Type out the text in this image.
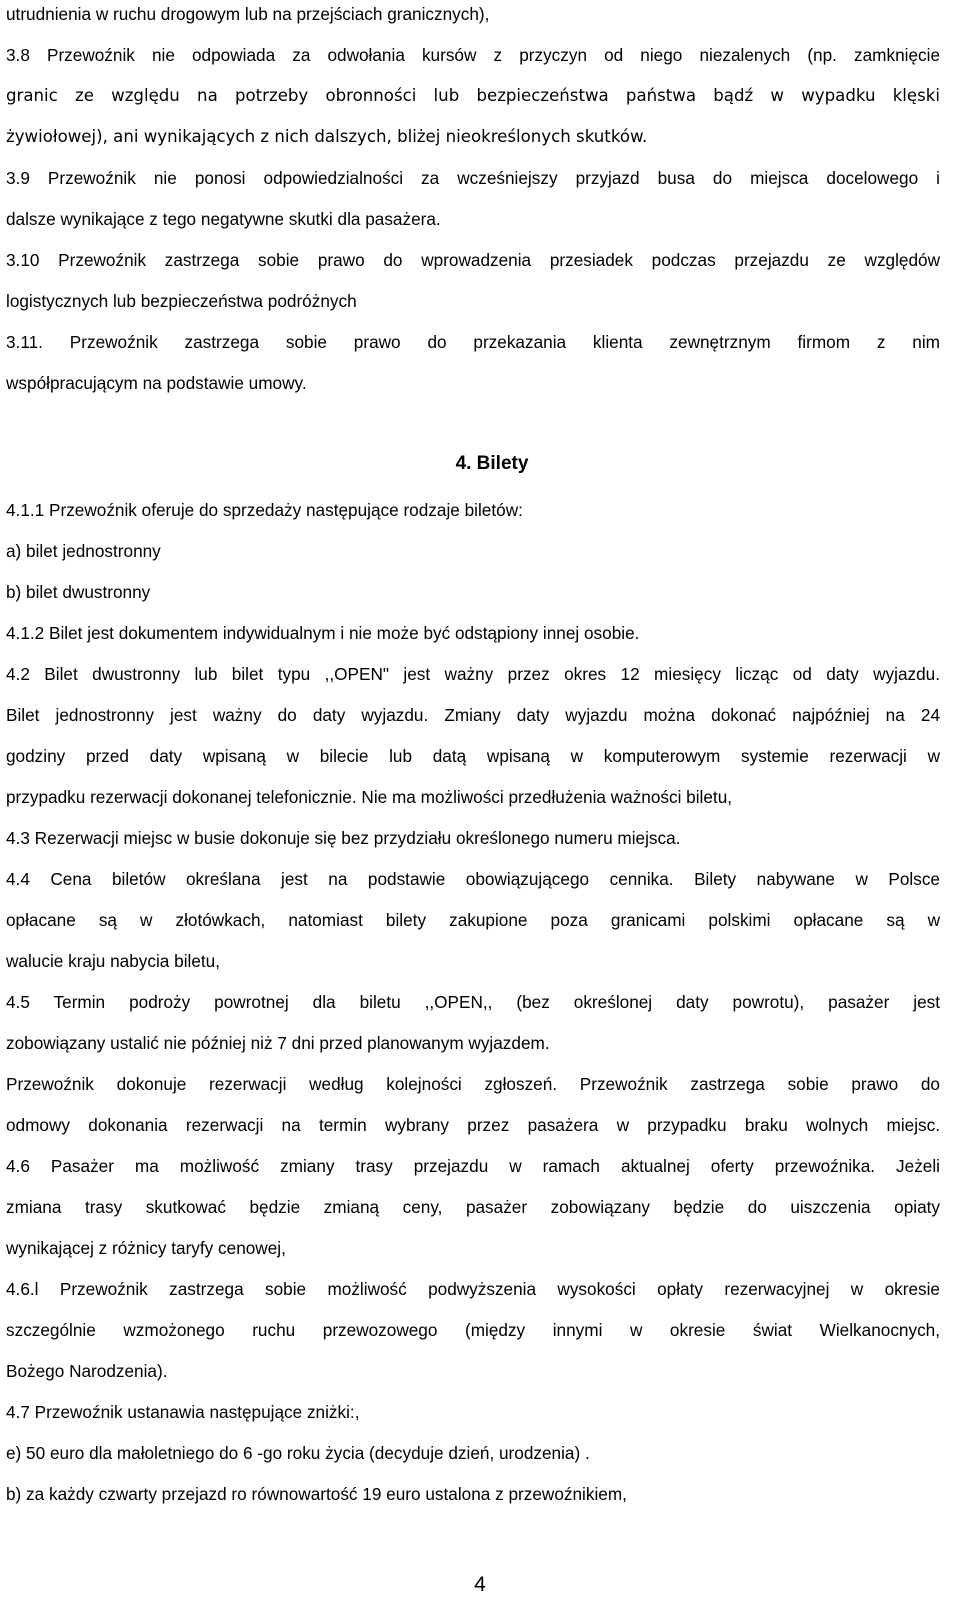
utrudnienia w ruchu drogowym lub na przejściach granicznych),
3.8 Przewoźnik nie odpowiada za odwołania kursów z przyczyn od niego niezalenych (np. zamknięcie
granic ze względu na potrzeby obronności lub bezpieczeństwa państwa bądź w wypadku klęski
żywiołowej), ani wynikających z nich dalszych, bliżej nieokreślonych skutków.
3.9 Przewoźnik nie ponosi odpowiedzialności za wcześniejszy przyjazd busa do miejsca docelowego i
dalsze wynikające z tego negatywne skutki dla pasażera.
3.10 Przewoźnik zastrzega sobie prawo do wprowadzenia przesiadek podczas przejazdu ze względów
logistycznych lub bezpieczeństwa podróżnych
3.11. Przewoźnik zastrzega sobie prawo do przekazania klienta zewnętrznym firmom z nim
współpracującym na podstawie umowy.
4. Bilety
4.1.1 Przewoźnik oferuje do sprzedaży następujące rodzaje biletów:
a) bilet jednostronny
b) bilet dwustronny
4.1.2 Bilet jest dokumentem indywidualnym i nie może być odstąpiony innej osobie.
4.2 Bilet dwustronny lub bilet typu ,,OPEN" jest ważny przez okres 12 miesięcy licząc od daty wyjazdu.
Bilet jednostronny jest ważny do daty wyjazdu. Zmiany daty wyjazdu można dokonać najpóźniej na 24
godziny przed daty wpisaną w bilecie lub datą wpisaną w komputerowym systemie rezerwacji w
przypadku rezerwacji dokonanej telefonicznie. Nie ma możliwości przedłużenia ważności biletu,
4.3 Rezerwacji miejsc w busie dokonuje się bez przydziału określonego numeru miejsca.
4.4 Cena biletów określana jest na podstawie obowiązującego cennika. Bilety nabywane w Polsce
opłacane są w złotówkach, natomiast bilety zakupione poza granicami polskimi opłacane są w
walucie kraju nabycia biletu,
4.5 Termin podroży powrotnej dla biletu ,,OPEN,, (bez określonej daty powrotu), pasażer jest
zobowiązany ustalić nie później niż 7 dni przed planowanym wyjazdem.
Przewoźnik dokonuje rezerwacji według kolejności zgłoszeń. Przewoźnik zastrzega sobie prawo do
odmowy dokonania rezerwacji na termin wybrany przez pasażera w przypadku braku wolnych miejsc.
4.6 Pasażer ma możliwość zmiany trasy przejazdu w ramach aktualnej oferty przewoźnika. Jeżeli
zmiana trasy skutkować będzie zmianą ceny, pasażer zobowiązany będzie do uiszczenia opiaty
wynikającej z różnicy taryfy cenowej,
4.6.l Przewoźnik zastrzega sobie możliwość podwyższenia wysokości opłaty rezerwacyjnej w okresie
szczególnie wzmożonego ruchu przewozowego (między innymi w okresie świat Wielkanocnych,
Bożego Narodzenia).
4.7 Przewoźnik ustanawia następujące zniżki:,
e) 50 euro dla małoletniego do 6 -go roku życia (decyduje dzień, urodzenia) .
b) za każdy czwarty przejazd ro równowartość 19 euro ustalona z przewoźnikiem,
4
